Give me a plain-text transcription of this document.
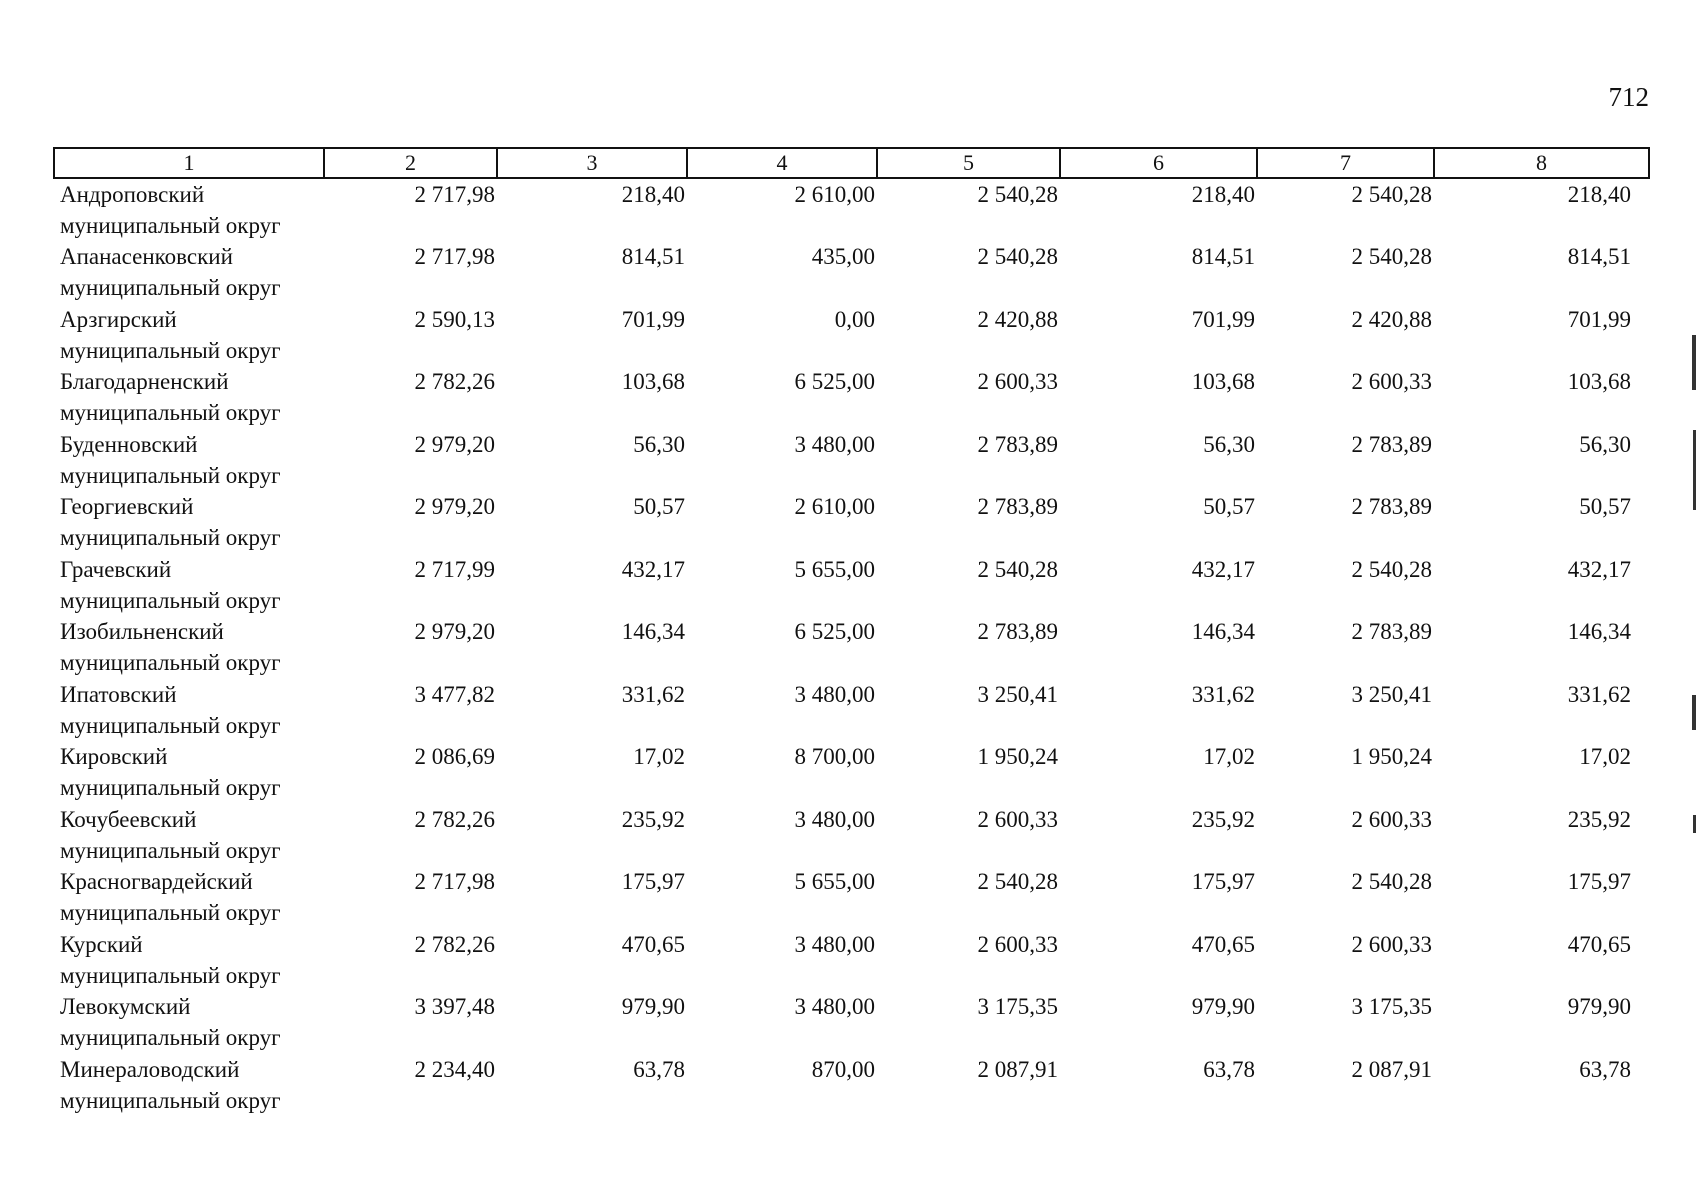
712
1	2	3	4	5	6	7	8

Андроповский
муниципальный округ	2 717,98	218,40	2 610,00	2 540,28	218,40	2 540,28	218,40

Апанасенковский
муниципальный округ	2 717,98	814,51	435,00	2 540,28	814,51	2 540,28	814,51

Арзгирский
муниципальный округ	2 590,13	701,99	0,00	2 420,88	701,99	2 420,88	701,99

Благодарненский
муниципальный округ	2 782,26	103,68	6 525,00	2 600,33	103,68	2 600,33	103,68

Буденновский
муниципальный округ	2 979,20	56,30	3 480,00	2 783,89	56,30	2 783,89	56,30

Георгиевский
муниципальный округ	2 979,20	50,57	2 610,00	2 783,89	50,57	2 783,89	50,57

Грачевский
муниципальный округ	2 717,99	432,17	5 655,00	2 540,28	432,17	2 540,28	432,17

Изобильненский
муниципальный округ	2 979,20	146,34	6 525,00	2 783,89	146,34	2 783,89	146,34

Ипатовский
муниципальный округ	3 477,82	331,62	3 480,00	3 250,41	331,62	3 250,41	331,62

Кировский
муниципальный округ	2 086,69	17,02	8 700,00	1 950,24	17,02	1 950,24	17,02

Кочубеевский
муниципальный округ	2 782,26	235,92	3 480,00	2 600,33	235,92	2 600,33	235,92

Красногвардейский
муниципальный округ	2 717,98	175,97	5 655,00	2 540,28	175,97	2 540,28	175,97

Курский
муниципальный округ	2 782,26	470,65	3 480,00	2 600,33	470,65	2 600,33	470,65

Левокумский
муниципальный округ	3 397,48	979,90	3 480,00	3 175,35	979,90	3 175,35	979,90

Минераловодский
муниципальный округ	2 234,40	63,78	870,00	2 087,91	63,78	2 087,91	63,78
